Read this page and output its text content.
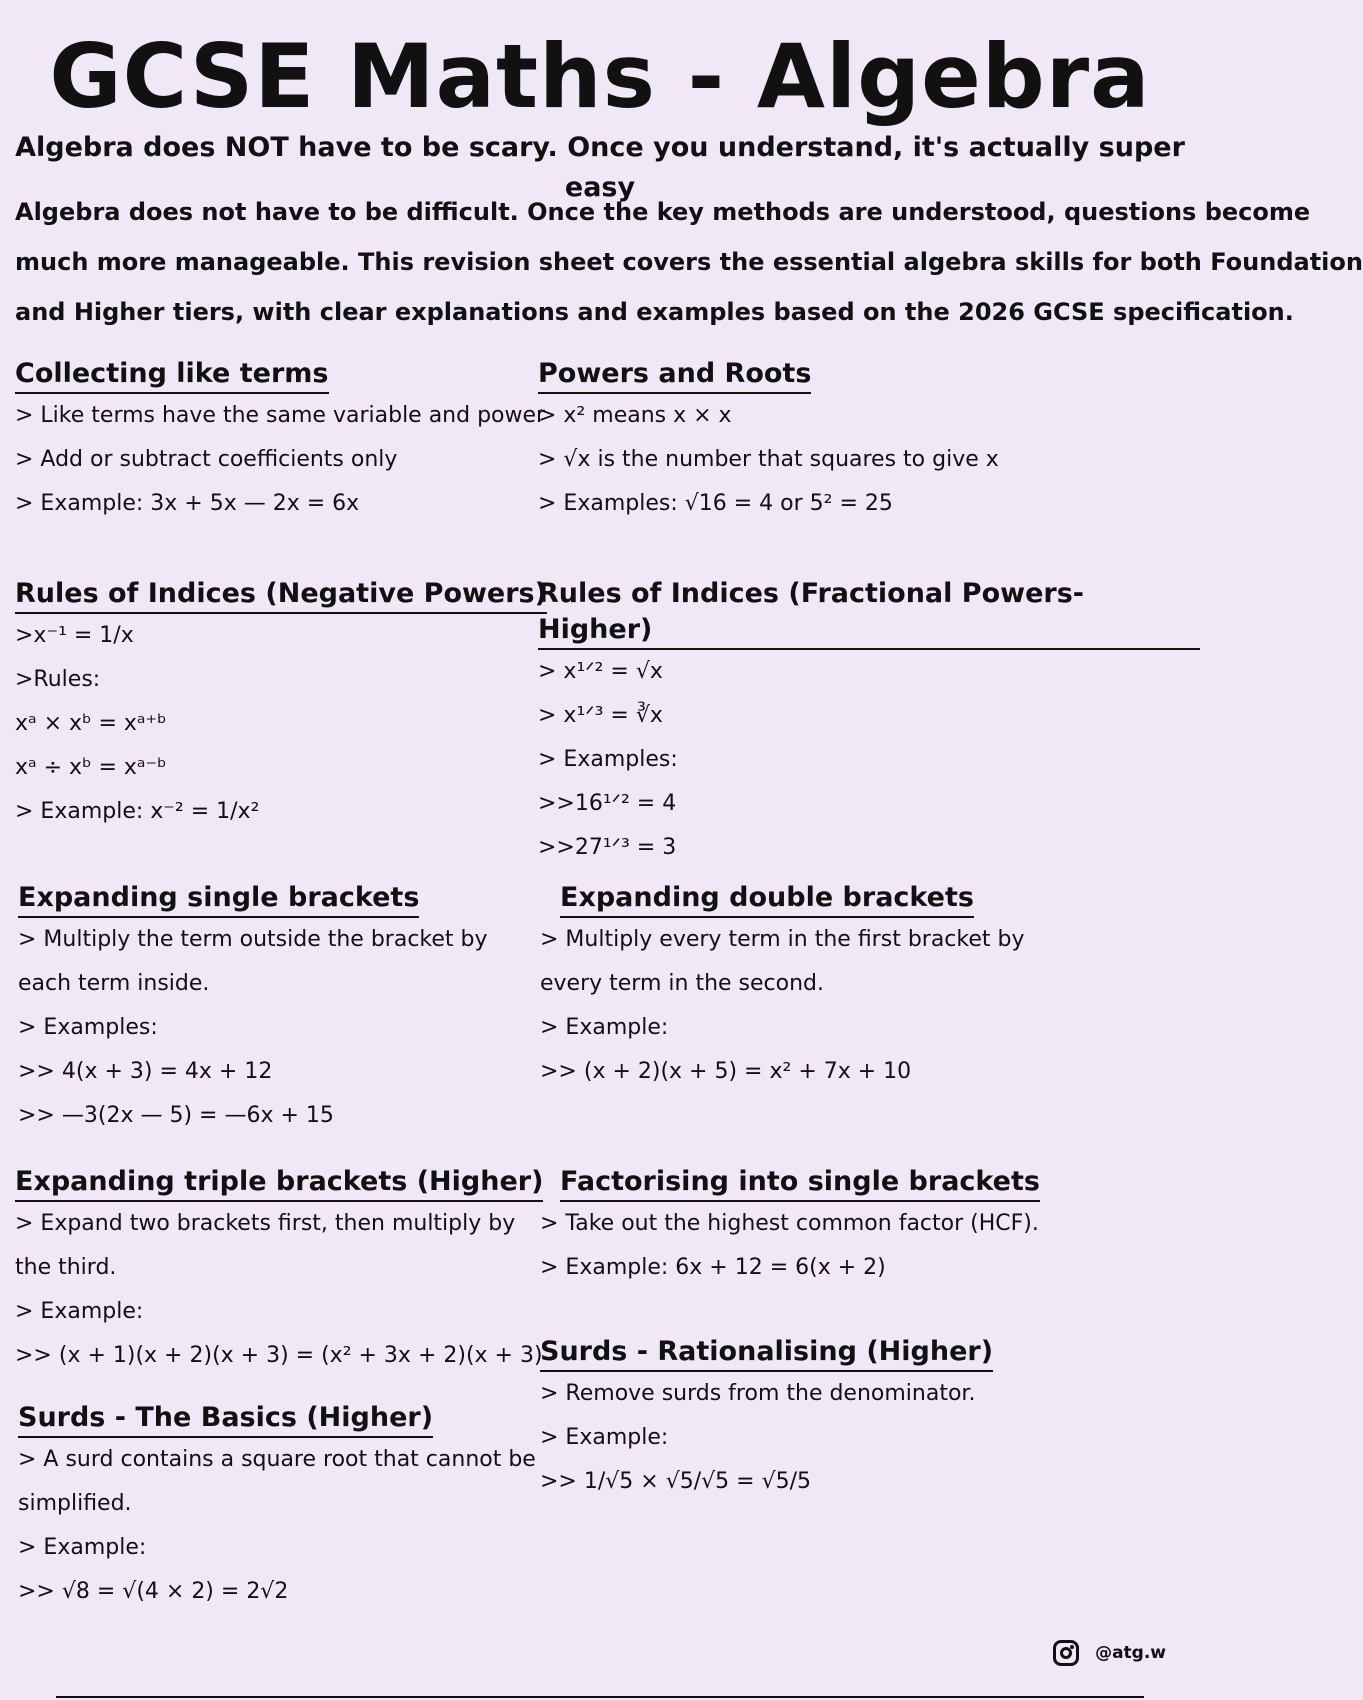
GCSE Maths - Algebra
Algebra does NOT have to be scary. Once you understand, it's actually super easy

Algebra does not have to be difficult. Once the key methods are understood, questions become

much more manageable. This revision sheet covers the essential algebra skills for both Foundation

and Higher tiers, with clear explanations and examples based on the 2026 GCSE specification.

Collecting like terms
> Like terms have the same variable and power
> Add or subtract coefficients only
> Example: 3x + 5x — 2x = 6x
Powers and Roots
> x² means x × x
> √x is the number that squares to give x
> Examples: √16 = 4 or 5² = 25
Rules of Indices (Negative Powers)
>x⁻¹ = 1/x
>Rules:
xᵃ × xᵇ = xᵃ⁺ᵇ
xᵃ ÷ xᵇ = xᵃ⁻ᵇ
> Example: x⁻² = 1/x²
Rules of Indices (Fractional Powers- Higher)
> x¹ᐟ² = √x
> x¹ᐟ³ = ∛x
> Examples:
>>16¹ᐟ² = 4
>>27¹ᐟ³ = 3
Expanding single brackets
> Multiply the term outside the bracket by
each term inside.
> Examples:
>> 4(x + 3) = 4x + 12
>> —3(2x — 5) = —6x + 15
Expanding double brackets
> Multiply every term in the first bracket by
every term in the second.
> Example:
>> (x + 2)(x + 5) = x² + 7x + 10
Expanding triple brackets (Higher)
> Expand two brackets first, then multiply by
the third.
> Example:
>> (x + 1)(x + 2)(x + 3) = (x² + 3x + 2)(x + 3)
Factorising into single brackets
> Take out the highest common factor (HCF).
> Example: 6x + 12 = 6(x + 2)
Surds - Rationalising (Higher)
> Remove surds from the denominator.
> Example:
>> 1/√5 × √5/√5 = √5/5
Surds - The Basics (Higher)
> A surd contains a square root that cannot be
simplified.
> Example:
>> √8 = √(4 × 2) = 2√2
@atg.w
